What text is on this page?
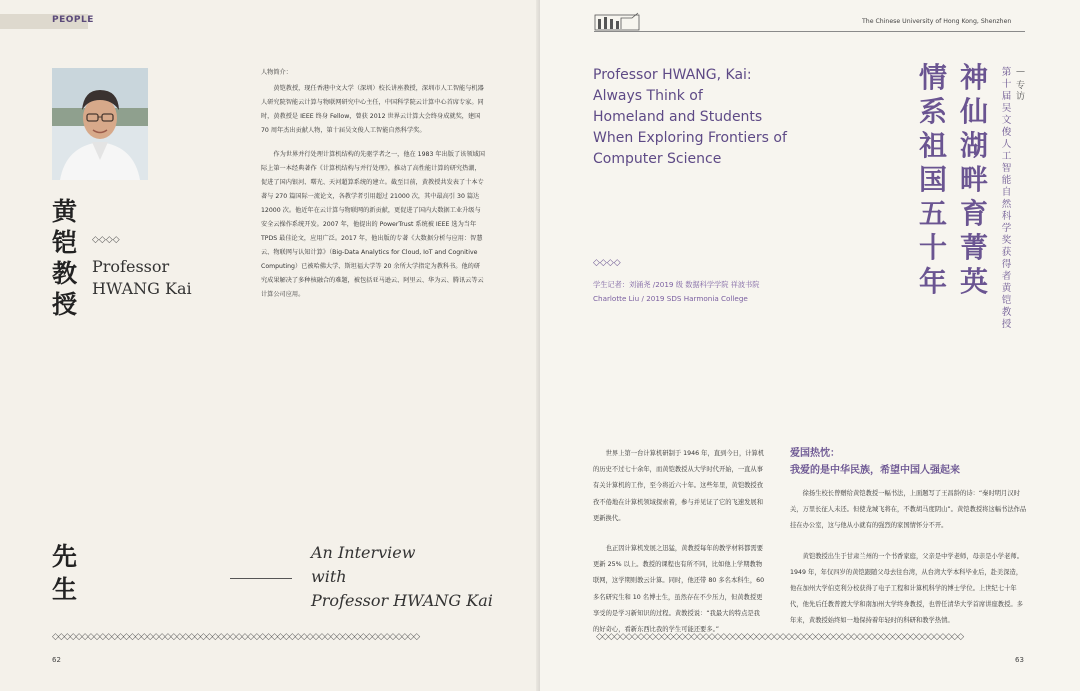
PEOPLE
黄
铠
教
授
◇◇◇◇
Professor
HWANG Kai

人物简介：

黄铠教授，现任香港中文大学（深圳）校长讲座教授，深圳市人工智能与机器人研究院智能云计算与物联网研究中心主任，中国科学院云计算中心首席专家。同时，黄教授是 IEEE 终身 Fellow，曾获 2012 世界云计算大会终身成就奖，建国 70 周年杰出贡献人物，第十届吴文俊人工智能自然科学奖。

作为世界并行处理计算机结构的先驱学者之一，他在 1983 年出版了该领域国际上第一本经典著作《计算机结构与并行处理》，推动了高性能计算的研究热潮，促进了国内银河、曙光、天河超算系统的建立。截至目前，黄教授共发表了十本专著与 270 篇国际一流论文，各教学者引用超过 21000 次，其中最高引 30 篇达 12000 次。他近年在云计算与物联网的新贡献，更促进了国内大数据工业升级与安全云操作系统开发。2007 年，他提出的 PowerTrust 系统被 IEEE 选为当年 TPDS 最佳论文，应用广泛。2017 年，他出版的专著《大数据分析与应用：智慧云、物联网与认知计算》（Big-Data Analytics for Cloud, IoT and Cognitive Computing）已被哈佛大学、斯坦福大学等 20 余所大学指定为教科书。他的研究成果解决了多种核融合的难题，被包括亚马逊云、阿里云、华为云、腾讯云等云计算公司应用。

先
生
An Interview
with
Professor HWANG Kai
◇◇◇◇◇◇◇◇◇◇◇◇◇◇◇◇◇◇◇◇◇◇◇◇◇◇◇◇◇◇◇◇◇◇◇◇◇◇◇◇◇◇◇◇◇◇◇◇◇◇◇◇◇◇◇◇◇◇◇◇◇◇
62
The Chinese University of Hong Kong, Shenzhen
Professor HWANG, Kai:
Always Think of
Homeland and Students
When Exploring Frontiers of
Computer Science
情
系
祖
国
五
十
年
神
仙
湖
畔
育
菁
英
第
十
届
吴
文
俊
人
工
智
能
自
然
科
学
奖
获
得
者
黄
铠
教
授
—
专
访
◇◇◇◇
学生记者：刘涌尧 /2019 级 数据科学学院 祥波书院
Charlotte Liu / 2019 SDS Harmonia College

世界上第一台计算机研制于 1946 年，直到今日，计算机的历史不过七十余年，而黄铠教授从大学时代开始，一直从事有关计算机的工作，至今将近六十年。这些年里，黄铠教授孜孜不倦地在计算机领域探索着，参与并见证了它的飞速发展和更新换代。

也正因计算机发展之迅猛，黄教授每年的教学材料都需要更新 25% 以上。教授的课程也有所不同，比如他上学期教物联网，这学期则教云计算。同时，他还带 80 多名本科生，60 多名研究生和 10 名博士生，虽然存在不少压力，但黄教授更享受的是学习新知识的过程。黄教授说：“我最大的特点是我的好奇心，看新东西比我的学生可能还要多。”

爱国热忱：
我爱的是中华民族，希望中国人强起来

徐扬生校长曾赠给黄铠教授一幅书法，上面题写了王昌龄的诗：“秦时明月汉时关，万里长征人未还。但使龙城飞将在，不教胡马度阴山”。黄铠教授将这幅书法作品挂在办公室，这与他从小就有的强烈的家国情怀分不开。

黄铠教授出生于甘肃兰州的一个书香家庭，父亲是中学老师，母亲是小学老师。1949 年，年仅四岁的黄铠跟随父母去往台湾，从台湾大学本科毕业后，赴美深造，他在加州大学伯克利分校获得了电子工程和计算机科学的博士学位。上世纪七十年代，他先后任教普渡大学和南加州大学终身教授，也曾任清华大学首席讲座教授。多年来，黄教授始终如一地保持着年轻时的科研和教学热情。

◇◇◇◇◇◇◇◇◇◇◇◇◇◇◇◇◇◇◇◇◇◇◇◇◇◇◇◇◇◇◇◇◇◇◇◇◇◇◇◇◇◇◇◇◇◇◇◇◇◇◇◇◇◇◇◇◇◇◇◇◇◇
63
